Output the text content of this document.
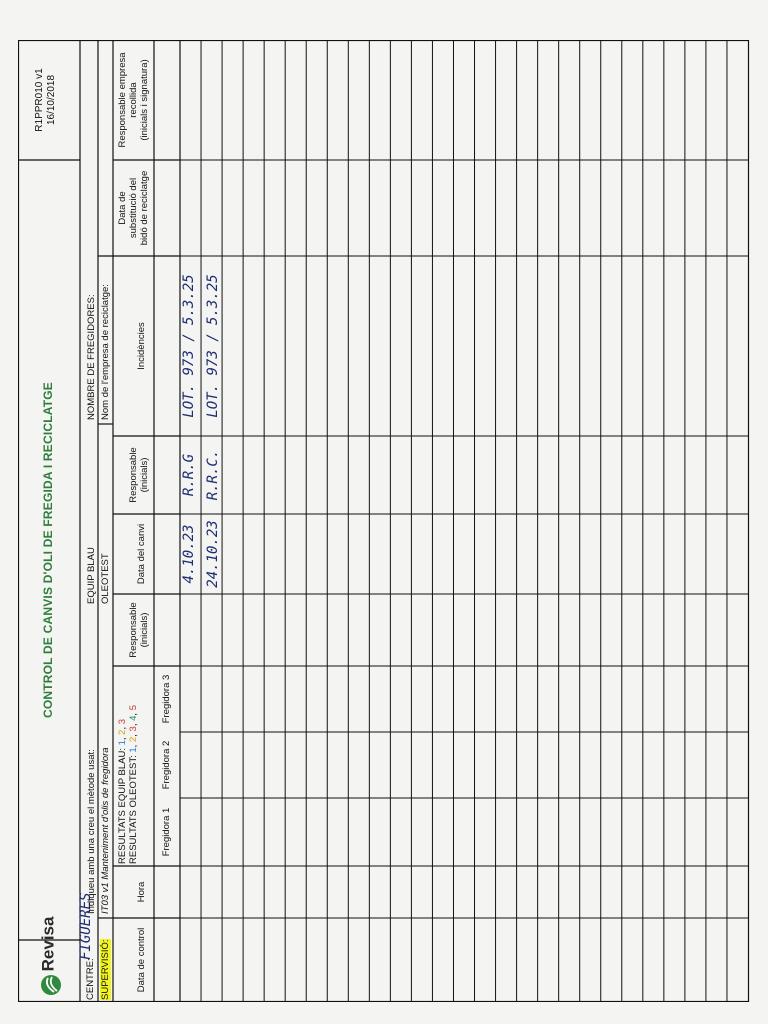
Revisa
CONTROL DE CANVIS D'OLI DE FREGIDA I RECICLATGE
R1PPR010 v1 16/10/2018
CENTRE:
FIGUERES
SUPERVISIÓ:
Indiqueu amb una creu el mètode usat: IT03 v1 Manteniment d'olis de fregidora
EQUIP BLAU OLEOTEST
NOMBRE DE FREGIDORES: Nom de l'empresa de reciclatge:
Data de control
Hora
RESULTATS EQUIP BLAU: 1, 2, 3
RESULTATS OLEOTEST: 1, 2, 3, 4, 5
Fregidora 1
Fregidora 2
Fregidora 3
Responsable (inicials)
Data del canvi
Responsable (inicials)
Incidències
Data de substitució del bidó de reciclatge
Responsable empresa recollida (inicials i signatura)
4.10.23
R.R.G
LOT. 973 / 5.3.25
24.10.23
R.R.C.
LOT. 973 / 5.3.25
